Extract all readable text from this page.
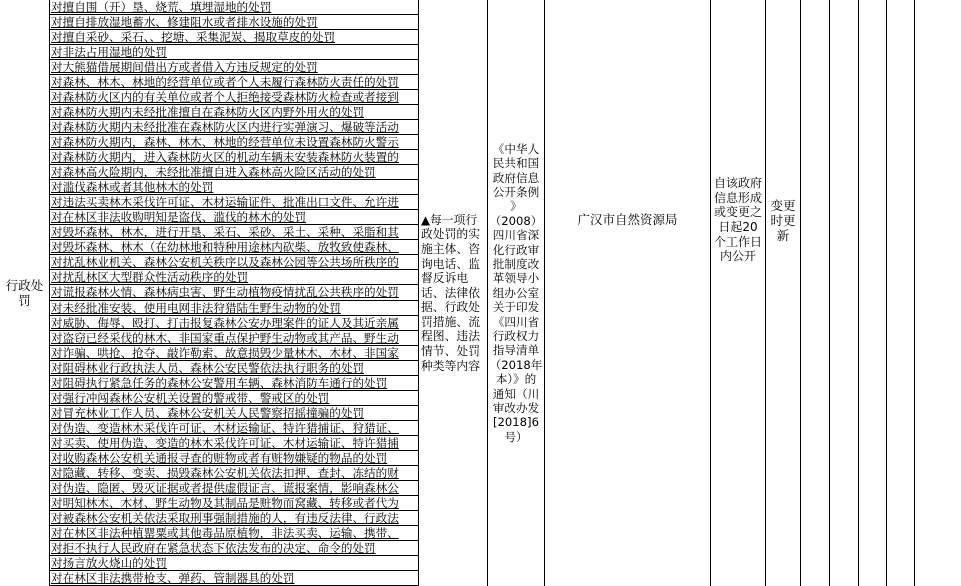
行政处罚
对擅自围（开）垦、烧荒、填埋湿地的处罚
对擅自排放湿地蓄水、修建阻水或者排水设施的处罚
对擅自采砂、采石、、挖塘、采集泥炭、揭取草皮的处罚
对非法占用湿地的处罚
对大熊猫借展期间借出方或者借入方违反规定的处罚
对森林、林木、林地的经营单位或者个人未履行森林防火责任的处罚
对森林防火区内的有关单位或者个人拒绝接受森林防火检查或者接到
对森林防火期内未经批准擅自在森林防火区内野外用火的处罚
对森林防火期内未经批准在森林防火区内进行实弹演习、爆破等活动
对森林防火期内，森林、林木、林地的经营单位未设置森林防火警示
对森林防火期内，进入森林防火区的机动车辆未安装森林防火装置的
对森林高火险期内，未经批准擅自进入森林高火险区活动的处罚
对滥伐森林或者其他林木的处罚
对违法买卖林木采伐许可证、木材运输证件、批准出口文件、允许进
对在林区非法收购明知是盗伐、滥伐的林木的处罚
对毁坏森林、林木，进行开垦、采石、采砂、采土、采种、采脂和其
对毁坏森林、林木（在幼林地和特种用途林内砍柴、放牧致使森林、
对扰乱林业机关、森林公安机关秩序以及森林公园等公共场所秩序的
对扰乱林区大型群众性活动秩序的处罚
对谎报森林火情、森林病虫害、野生动植物疫情扰乱公共秩序的处罚
对未经批准安装、使用电网非法狩猎陆生野生动物的处罚
对威胁、侮辱、殴打、打击报复森林公安办理案件的证人及其近亲属
对盗窃已经采伐的林木、非国家重点保护野生动物或其产品、野生动
对诈骗、哄抢、抢夺、敲诈勒索、故意损毁少量林木、木材、非国家
对阻碍林业行政执法人员、森林公安民警依法执行职务的处罚
对阻碍执行紧急任务的森林公安警用车辆、森林消防车通行的处罚
对强行冲闯森林公安机关设置的警戒带、警戒区的处罚
对冒充林业工作人员、森林公安机关人民警察招摇撞骗的处罚
对伪造、变造林木采伐许可证、木材运输证、特许猎捕证、狩猎证、
对买卖、使用伪造、变造的林木采伐许可证、木材运输证、特许猎捕
对收购森林公安机关通报寻查的赃物或者有赃物嫌疑的物品的处罚
对隐藏、转移、变卖、损毁森林公安机关依法扣押、查封、冻结的财
对伪造、隐匿、毁灭证据或者提供虚假证言、谎报案情，影响森林公
对明知林木、木材、野生动物及其制品是赃物而窝藏、转移或者代为
对被森林公安机关依法采取刑事强制措施的人，有违反法律、行政法
对在林区非法种植罂粟或其他毒品原植物，非法买卖、运输、携带、
对拒不执行人民政府在紧急状态下依法发布的决定、命令的处罚
对扬言放火烧山的处罚
对在林区非法携带枪支、弹药、管制器具的处罚
▲每一项行政处罚的实施主体、咨询电话、监督反诉电话、法律依据、行政处罚措施、流程图、违法情节、处罚种类等内容
《中华人
民共和国
政府信息
公开条例
》
（2008）
四川省深
化行政审
批制度改
革领导小
组办公室
关于印发
《四川省
行政权力
指导清单
（2018年
本）》的
通知（川
审改办发
[2018]6
号）
广汉市自然资源局
自该政府信息形成或变更之日起20个工作日内公开
变更时更新
